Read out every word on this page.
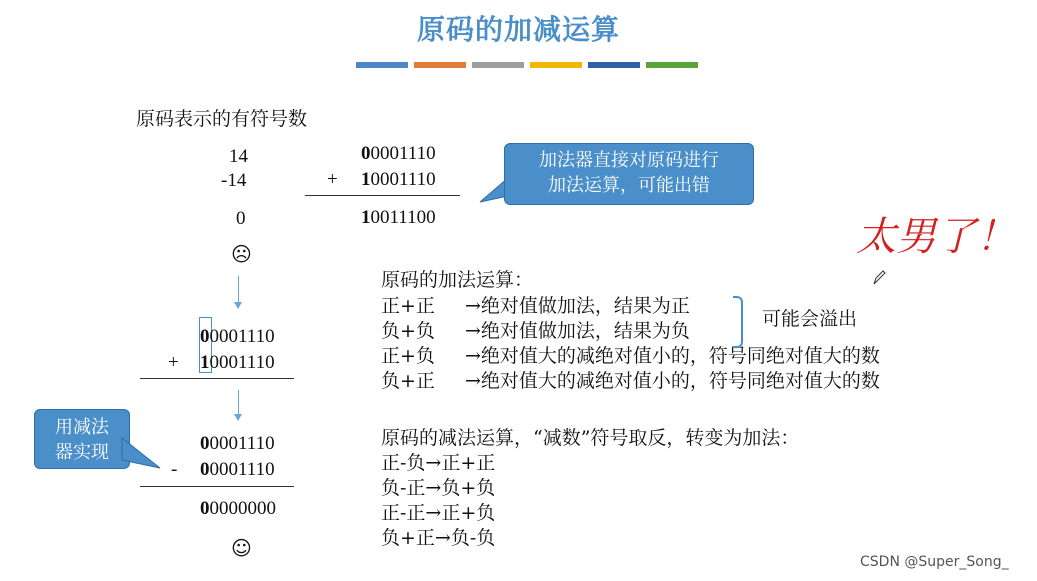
原码的加减运算
原码表示的有符号数
14
-14
0
☹
00001110
+ 10001110
10011100
加法器直接对原码进行
加法运算，可能出错
太男了！
00001110
+ 10001110
用减法
器实现	00001110
- 00001110
00000000
☺
原码的加法运算：
正+正 →绝对值做加法，结果为正
负+负 →绝对值做加法，结果为负
正+负 →绝对值大的减绝对值小的，符号同绝对值大的数
负+正 →绝对值大的减绝对值小的，符号同绝对值大的数
可能会溢出
原码的减法运算，“减数”符号取反，转变为加法：
正-负→正+正
负-正→负+负
正-正→正+负
负+正→负-负
CSDN @Super_Song_
